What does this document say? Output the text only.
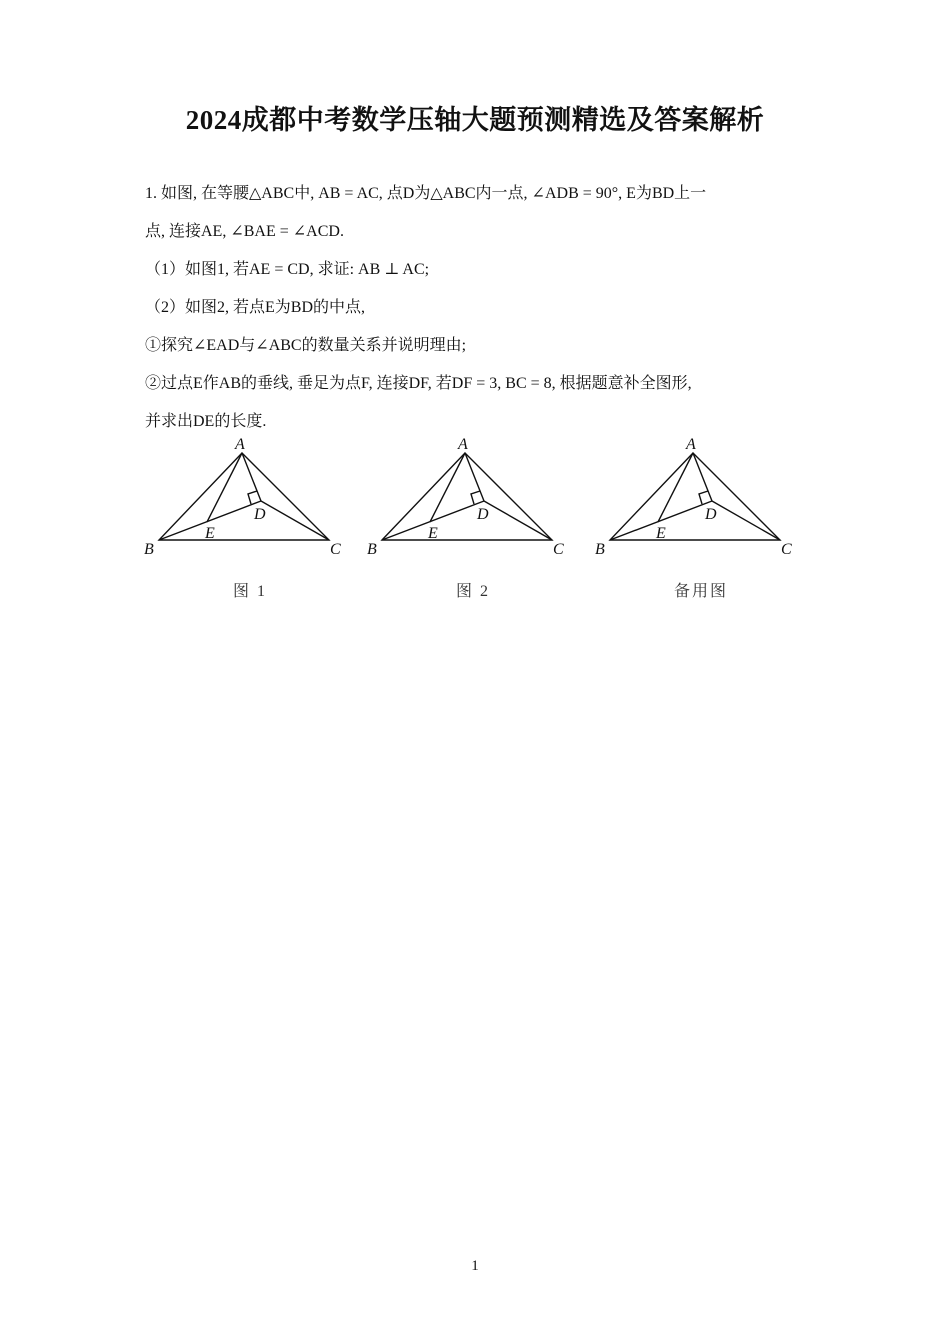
2024成都中考数学压轴大题预测精选及答案解析
1. 如图, 在等腰△ABC中, AB = AC, 点D为△ABC内一点, ∠ADB = 90°, E为BD上一
点, 连接AE, ∠BAE = ∠ACD.
（1）如图1, 若AE = CD, 求证: AB ⊥ AC;
（2）如图2, 若点E为BD的中点,
①探究∠EAD与∠ABC的数量关系并说明理由;
②过点E作AB的垂线, 垂足为点F, 连接DF, 若DF = 3, BC = 8, 根据题意补全图形,
并求出DE的长度.
A
B	C
D
E
图 1
A
B	C
D
E
图 2
A
B	C
D
E
备用图
1
